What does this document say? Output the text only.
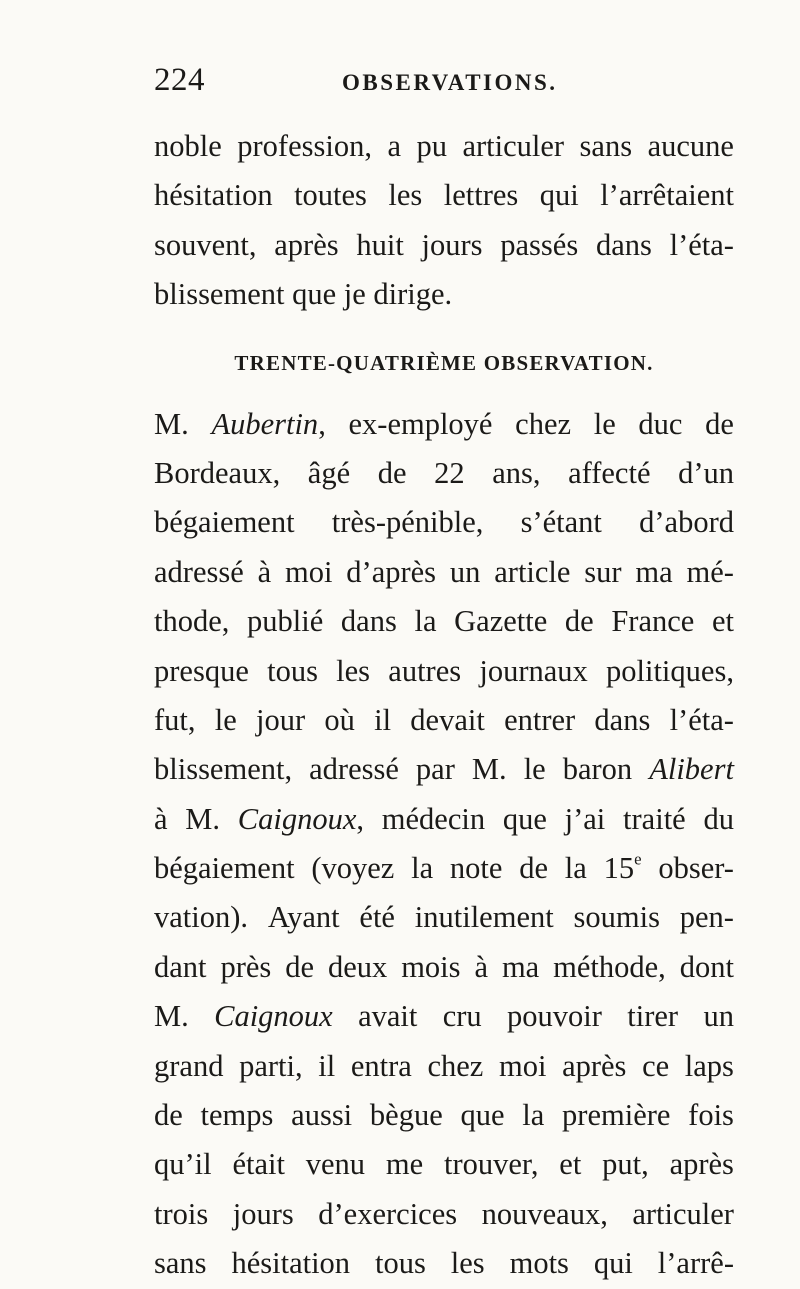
224	OBSERVATIONS.
noble profession, a pu articuler sans aucune
hésitation toutes les lettres qui l’arrêtaient
souvent, après huit jours passés dans l’éta-
blissement que je dirige.
TRENTE-QUATRIÈME OBSERVATION.
M. Aubertin, ex-employé chez le duc de
Bordeaux, âgé de 22 ans, affecté d’un
bégaiement très-pénible, s’étant d’abord
adressé à moi d’après un article sur ma mé-
thode, publié dans la Gazette de France et
presque tous les autres journaux politiques,
fut, le jour où il devait entrer dans l’éta-
blissement, adressé par M. le baron Alibert
à M. Caignoux, médecin que j’ai traité du
bégaiement (voyez la note de la 15e obser-
vation). Ayant été inutilement soumis pen-
dant près de deux mois à ma méthode, dont
M. Caignoux avait cru pouvoir tirer un
grand parti, il entra chez moi après ce laps
de temps aussi bègue que la première fois
qu’il était venu me trouver, et put, après
trois jours d’exercices nouveaux, articuler
sans hésitation tous les mots qui l’arrê-
